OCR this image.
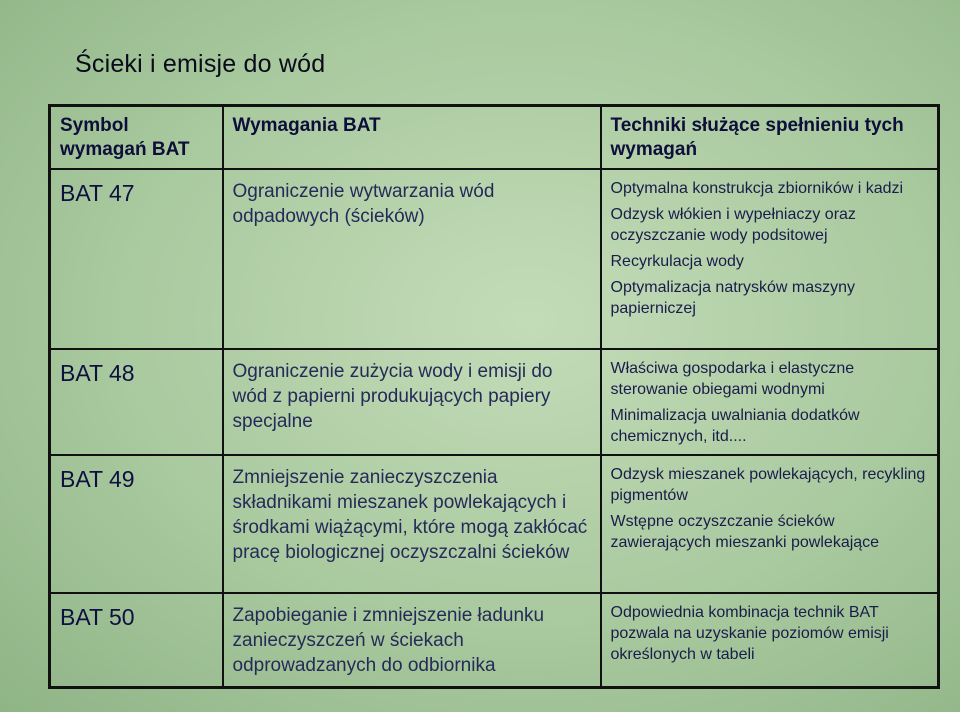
Ścieki i emisje do wód
Symbol wymagań BAT	Wymagania BAT	Techniki służące spełnieniu tych wymagań
BAT 47	Ograniczenie wytwarzania wód odpadowych (ścieków)	Optymalna konstrukcja zbiorników i kadzi
Odzysk włókien i wypełniaczy oraz oczyszczanie wody podsitowej
Recyrkulacja wody
Optymalizacja natrysków maszyny papierniczej

BAT 48	Ograniczenie zużycia wody i emisji do wód z papierni produkujących papiery specjalne	Właściwa gospodarka i elastyczne sterowanie obiegami wodnymi
Minimalizacja uwalniania dodatków chemicznych, itd....

BAT 49	Zmniejszenie zanieczyszczenia składnikami mieszanek powlekających i środkami wiążącymi, które mogą zakłócać pracę biologicznej oczyszczalni ścieków	Odzysk mieszanek powlekających, recykling pigmentów
Wstępne oczyszczanie ścieków zawierających mieszanki powlekające

BAT 50	Zapobieganie i zmniejszenie ładunku zanieczyszczeń w ściekach odprowadzanych do odbiornika	Odpowiednia kombinacja technik BAT pozwala na uzyskanie poziomów emisji określonych w tabeli
